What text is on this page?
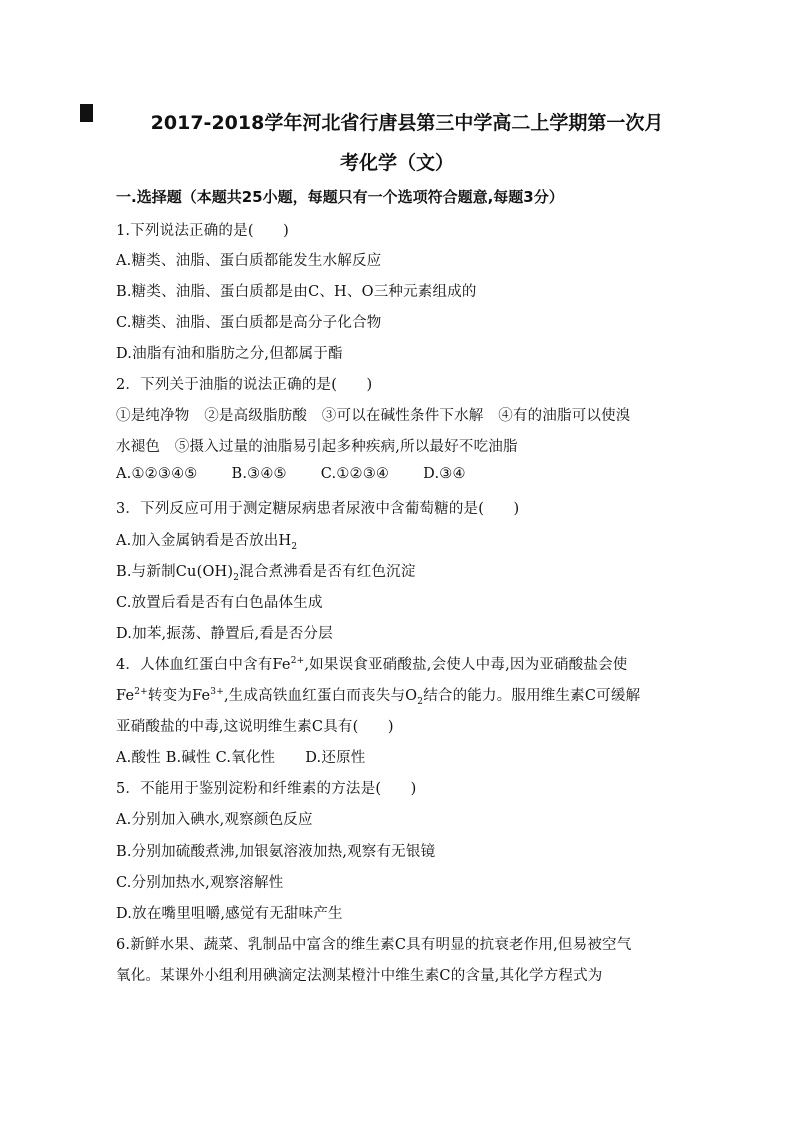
2017-2018学年河北省行唐县第三中学高二上学期第一次月
考化学（文）
一.选择题（本题共25小题，每题只有一个选项符合题意,每题3分）
1.下列说法正确的是(　　)
A.糖类、油脂、蛋白质都能发生水解反应
B.糖类、油脂、蛋白质都是由C、H、O三种元素组成的
C.糖类、油脂、蛋白质都是高分子化合物
D.油脂有油和脂肪之分,但都属于酯
2．下列关于油脂的说法正确的是(　　)
①是纯净物　②是高级脂肪酸　③可以在碱性条件下水解　④有的油脂可以使溴
水褪色　⑤摄入过量的油脂易引起多种疾病,所以最好不吃油脂
A.①②③④⑤ B.③④⑤ C.①②③④ D.③④
3．下列反应可用于测定糖尿病患者尿液中含葡萄糖的是(　　)
A.加入金属钠看是否放出$H_2$
B.与新制$Cu(OH)_2$混合煮沸看是否有红色沉淀
C.放置后看是否有白色晶体生成
D.加苯,振荡、静置后,看是否分层
4．人体血红蛋白中含有$Fe^{2+}$,如果误食亚硝酸盐,会使人中毒,因为亚硝酸盐会使
$Fe^{2+}$转变为$Fe^{3+}$,生成高铁血红蛋白而丧失与$O_2$结合的能力。服用维生素C可缓解
亚硝酸盐的中毒,这说明维生素C具有(　　)
A.酸性 B.碱性 C.氧化性 D.还原性
5．不能用于鉴别淀粉和纤维素的方法是(　　)
A.分别加入碘水,观察颜色反应
B.分别加硫酸煮沸,加银氨溶液加热,观察有无银镜
C.分别加热水,观察溶解性
D.放在嘴里咀嚼,感觉有无甜味产生
6.新鲜水果、蔬菜、乳制品中富含的维生素C具有明显的抗衰老作用,但易被空气
氧化。某课外小组利用碘滴定法测某橙汁中维生素C的含量,其化学方程式为
